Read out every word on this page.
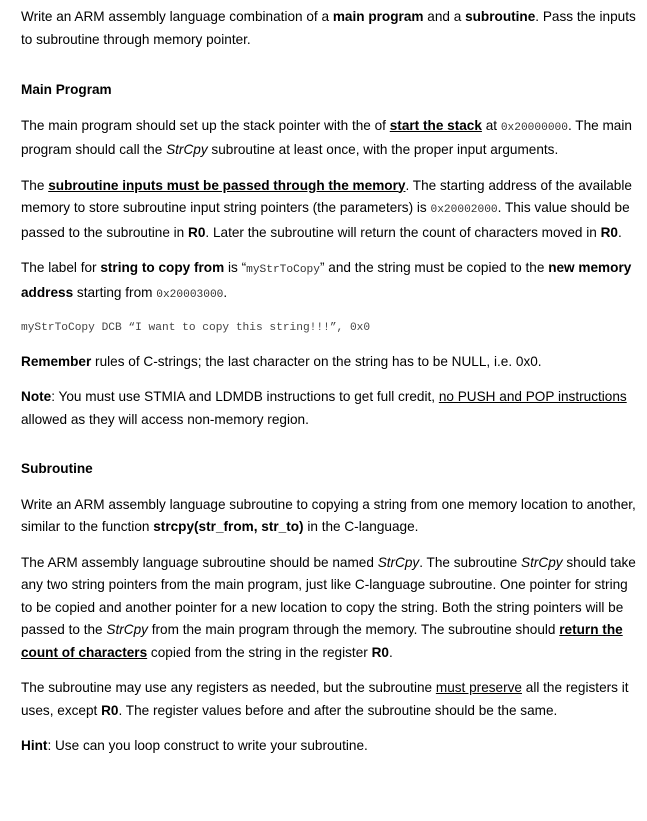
Write an ARM assembly language combination of a main program and a subroutine. Pass the inputs to subroutine through memory pointer.

Main Program

The main program should set up the stack pointer with the of start the stack at 0x20000000. The main program should call the StrCpy subroutine at least once, with the proper input arguments.

The subroutine inputs must be passed through the memory. The starting address of the available memory to store subroutine input string pointers (the parameters) is 0x20002000. This value should be passed to the subroutine in R0. Later the subroutine will return the count of characters moved in R0.

The label for string to copy from is “myStrToCopy” and the string must be copied to the new memory address starting from 0x20003000.

myStrToCopy DCB “I want to copy this string!!!”, 0x0

Remember rules of C-strings; the last character on the string has to be NULL, i.e. 0x0.

Note: You must use STMIA and LDMDB instructions to get full credit, no PUSH and POP instructions allowed as they will access non-memory region.

Subroutine

Write an ARM assembly language subroutine to copying a string from one memory location to another, similar to the function strcpy(str_from, str_to) in the C-language.

The ARM assembly language subroutine should be named StrCpy. The subroutine StrCpy should take any two string pointers from the main program, just like C-language subroutine. One pointer for string to be copied and another pointer for a new location to copy the string. Both the string pointers will be passed to the StrCpy from the main program through the memory. The subroutine should return the count of characters copied from the string in the register R0.

The subroutine may use any registers as needed, but the subroutine must preserve all the registers it uses, except R0. The register values before and after the subroutine should be the same.

Hint: Use can you loop construct to write your subroutine.
